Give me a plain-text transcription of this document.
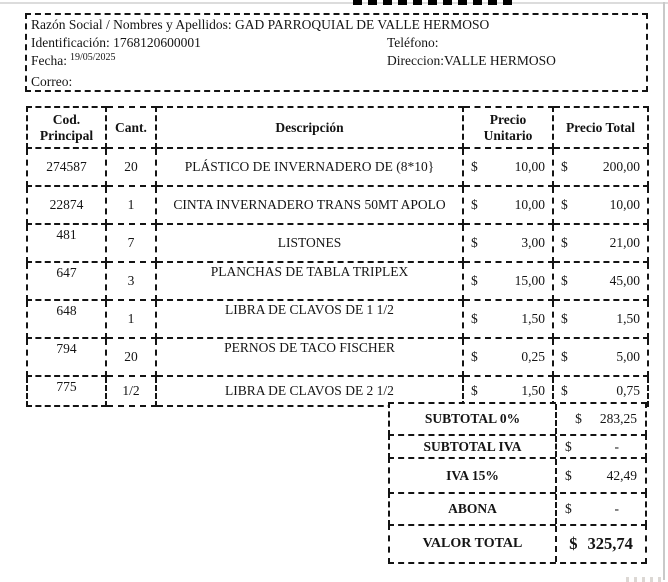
Razón Social / Nombres y Apellidos:
GAD PARROQUIAL DE VALLE HERMOSO
Identificación: 1768120600001	Teléfono:
Fecha: $^{19/05/2025}$	Direccion:VALLE HERMOSO
Correo:
Cod. Principal	Cant.	Descripción	Precio Unitario	Precio Total
274587	20	PLÁSTICO DE INVERNADERO DE (8*10}	$ 10,00	$ 200,00

22874	1	CINTA INVERNADERO TRANS 50MT APOLO	$ 10,00	$ 10,00

481	7	LISTONES	$ 3,00	$ 21,00

647	3	PLANCHAS DE TABLA TRIPLEX	$ 15,00	$ 45,00

648	1	LIBRA DE CLAVOS DE 1 1/2	$ 1,50	$ 1,50

794	20	PERNOS DE TACO FISCHER	$ 0,25	$ 5,00

775	1/2	LIBRA DE CLAVOS DE 2 1/2	$ 1,50	$ 0,75
SUBTOTAL 0%	$ 283,25
SUBTOTAL IVA	$	-
IVA 15%	$	42,49
ABONA	$	-
VALOR TOTAL	$ 325,74
